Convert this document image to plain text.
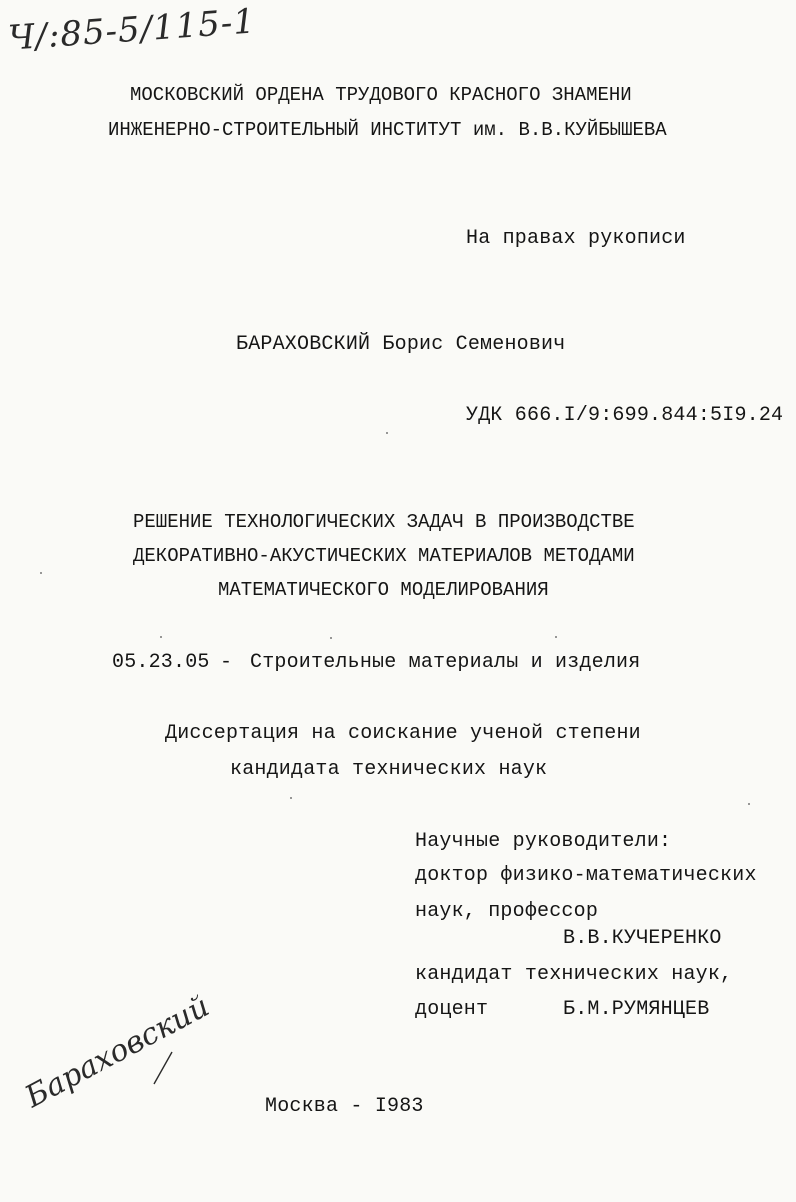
Ч/:85-5/115-1
МОСКОВСКИЙ ОРДЕНА ТРУДОВОГО КРАСНОГО ЗНАМЕНИ
ИНЖЕНЕРНО-СТРОИТЕЛЬНЫЙ ИНСТИТУТ им. В.В.КУЙБЫШЕВА
На правах рукописи
БАРАХОВСКИЙ Борис Семенович
УДК 666.I/9:699.844:5I9.24
РЕШЕНИЕ ТЕХНОЛОГИЧЕСКИХ ЗАДАЧ В ПРОИЗВОДСТВЕ
ДЕКОРАТИВНО-АКУСТИЧЕСКИХ МАТЕРИАЛОВ МЕТОДАМИ
МАТЕМАТИЧЕСКОГО МОДЕЛИРОВАНИЯ
05.23.05 - Строительные материалы и изделия
Диссертация на соискание ученой степени
кандидата технических наук
Научные руководители:
доктор физико-математических
наук, профессор
В.В.КУЧЕРЕНКО
кандидат технических наук,
доцент	Б.М.РУМЯНЦЕВ
Бараховский Москва - I983
